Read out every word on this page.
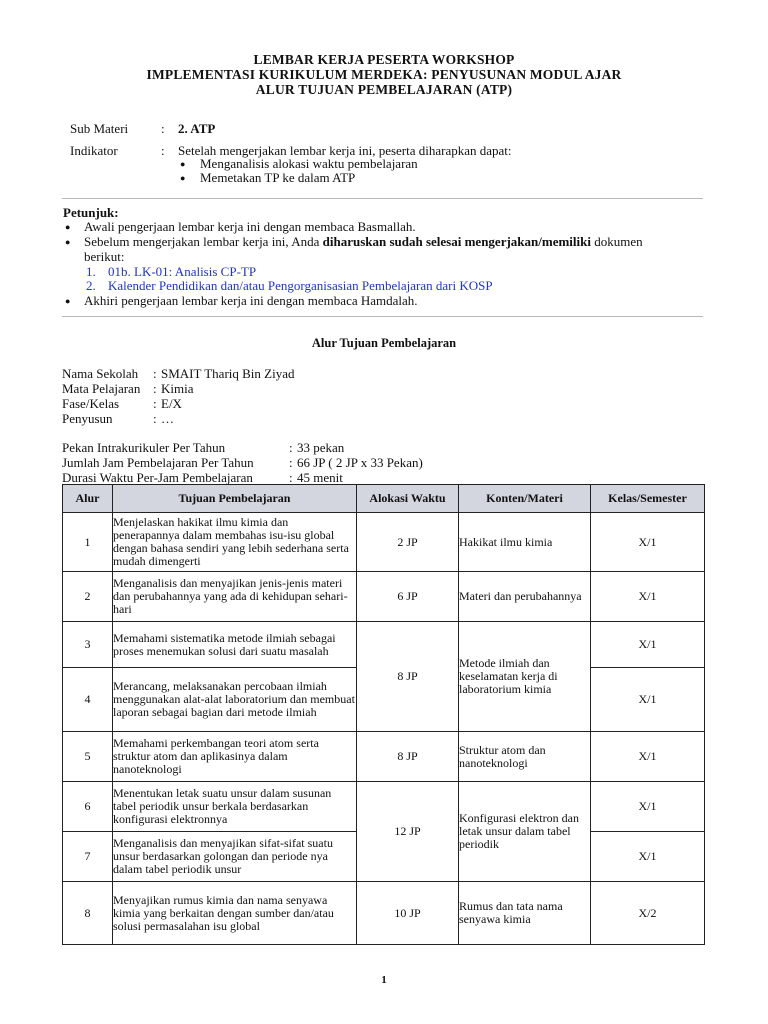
LEMBAR KERJA PESERTA WORKSHOP
IMPLEMENTASI KURIKULUM MERDEKA: PENYUSUNAN MODUL AJAR
ALUR TUJUAN PEMBELAJARAN (ATP)
Sub Materi	: 2. ATP
Indikator	: Setelah mengerjakan lembar kerja ini, peserta diharapkan dapat:
● Menganalisis alokasi waktu pembelajaran
● Memetakan TP ke dalam ATP
Petunjuk:
● Awali pengerjaan lembar kerja ini dengan membaca Basmallah.
● Sebelum mengerjakan lembar kerja ini, Anda diharuskan sudah selesai mengerjakan/memiliki dokumen
berikut:
1. 01b. LK-01: Analisis CP-TP
2. Kalender Pendidikan dan/atau Pengorganisasian Pembelajaran dari KOSP
● Akhiri pengerjaan lembar kerja ini dengan membaca Hamdalah.
Alur Tujuan Pembelajaran
Nama Sekolah : SMAIT Thariq Bin Ziyad
Mata Pelajaran : Kimia
Fase/Kelas	: E/X
Penyusun	: …
Pekan Intrakurikuler Per Tahun	: 33 pekan
Jumlah Jam Pembelajaran Per Tahun	: 66 JP ( 2 JP x 33 Pekan)
Durasi Waktu Per-Jam Pembelajaran	: 45 menit
Alur	Tujuan Pembelajaran	Alokasi Waktu	Konten/Materi	Kelas/Semester
1	Menjelaskan hakikat ilmu kimia dan penerapannya dalam membahas isu-isu global dengan bahasa sendiri yang lebih sederhana serta mudah dimengerti	2 JP	Hakikat ilmu kimia	X/1
2	Menganalisis dan menyajikan jenis-jenis materi dan perubahannya yang ada di kehidupan sehari-hari	6 JP	Materi dan perubahannya	X/1
3	Memahami sistematika metode ilmiah sebagai proses menemukan solusi dari suatu masalah	8 JP	Metode ilmiah dan keselamatan kerja di laboratorium kimia	X/1
4	Merancang, melaksanakan percobaan ilmiah menggunakan alat-alat laboratorium dan membuat laporan sebagai bagian dari metode ilmiah			X/1
5	Memahami perkembangan teori atom serta struktur atom dan aplikasinya dalam nanoteknologi	8 JP	Struktur atom dan nanoteknologi	X/1
6	Menentukan letak suatu unsur dalam susunan tabel periodik unsur berkala berdasarkan konfigurasi elektronnya	12 JP	Konfigurasi elektron dan letak unsur dalam tabel periodik	X/1
7	Menganalisis dan menyajikan sifat-sifat suatu unsur berdasarkan golongan dan periode nya dalam tabel periodik unsur			X/1
8	Menyajikan rumus kimia dan nama senyawa kimia yang berkaitan dengan sumber dan/atau solusi permasalahan isu global	10 JP	Rumus dan tata nama senyawa kimia	X/2
1
